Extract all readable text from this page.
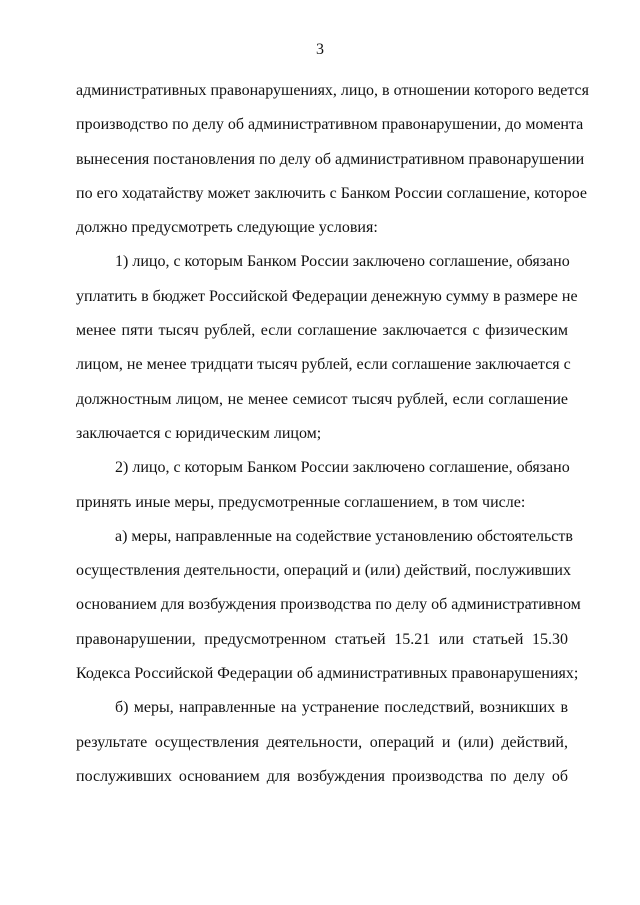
3

административных правонарушениях, лицо, в отношении которого ведется
производство по делу об административном правонарушении, до момента
вынесения постановления по делу об административном правонарушении
по его ходатайству может заключить с Банком России соглашение, которое
должно предусмотреть следующие условия:

1) лицо, с которым Банком России заключено соглашение, обязано
уплатить в бюджет Российской Федерации денежную сумму в размере не
менее пяти тысяч рублей, если соглашение заключается с физическим
лицом, не менее тридцати тысяч рублей, если соглашение заключается с
должностным лицом, не менее семисот тысяч рублей, если соглашение
заключается с юридическим лицом;

2) лицо, с которым Банком России заключено соглашение, обязано
принять иные меры, предусмотренные соглашением, в том числе:

а) меры, направленные на содействие установлению обстоятельств
осуществления деятельности, операций и (или) действий, послуживших
основанием для возбуждения производства по делу об административном
правонарушении, предусмотренном статьей 15.21 или статьей 15.30
Кодекса Российской Федерации об административных правонарушениях;

б) меры, направленные на устранение последствий, возникших в
результате осуществления деятельности, операций и (или) действий,
послуживших основанием для возбуждения производства по делу об
